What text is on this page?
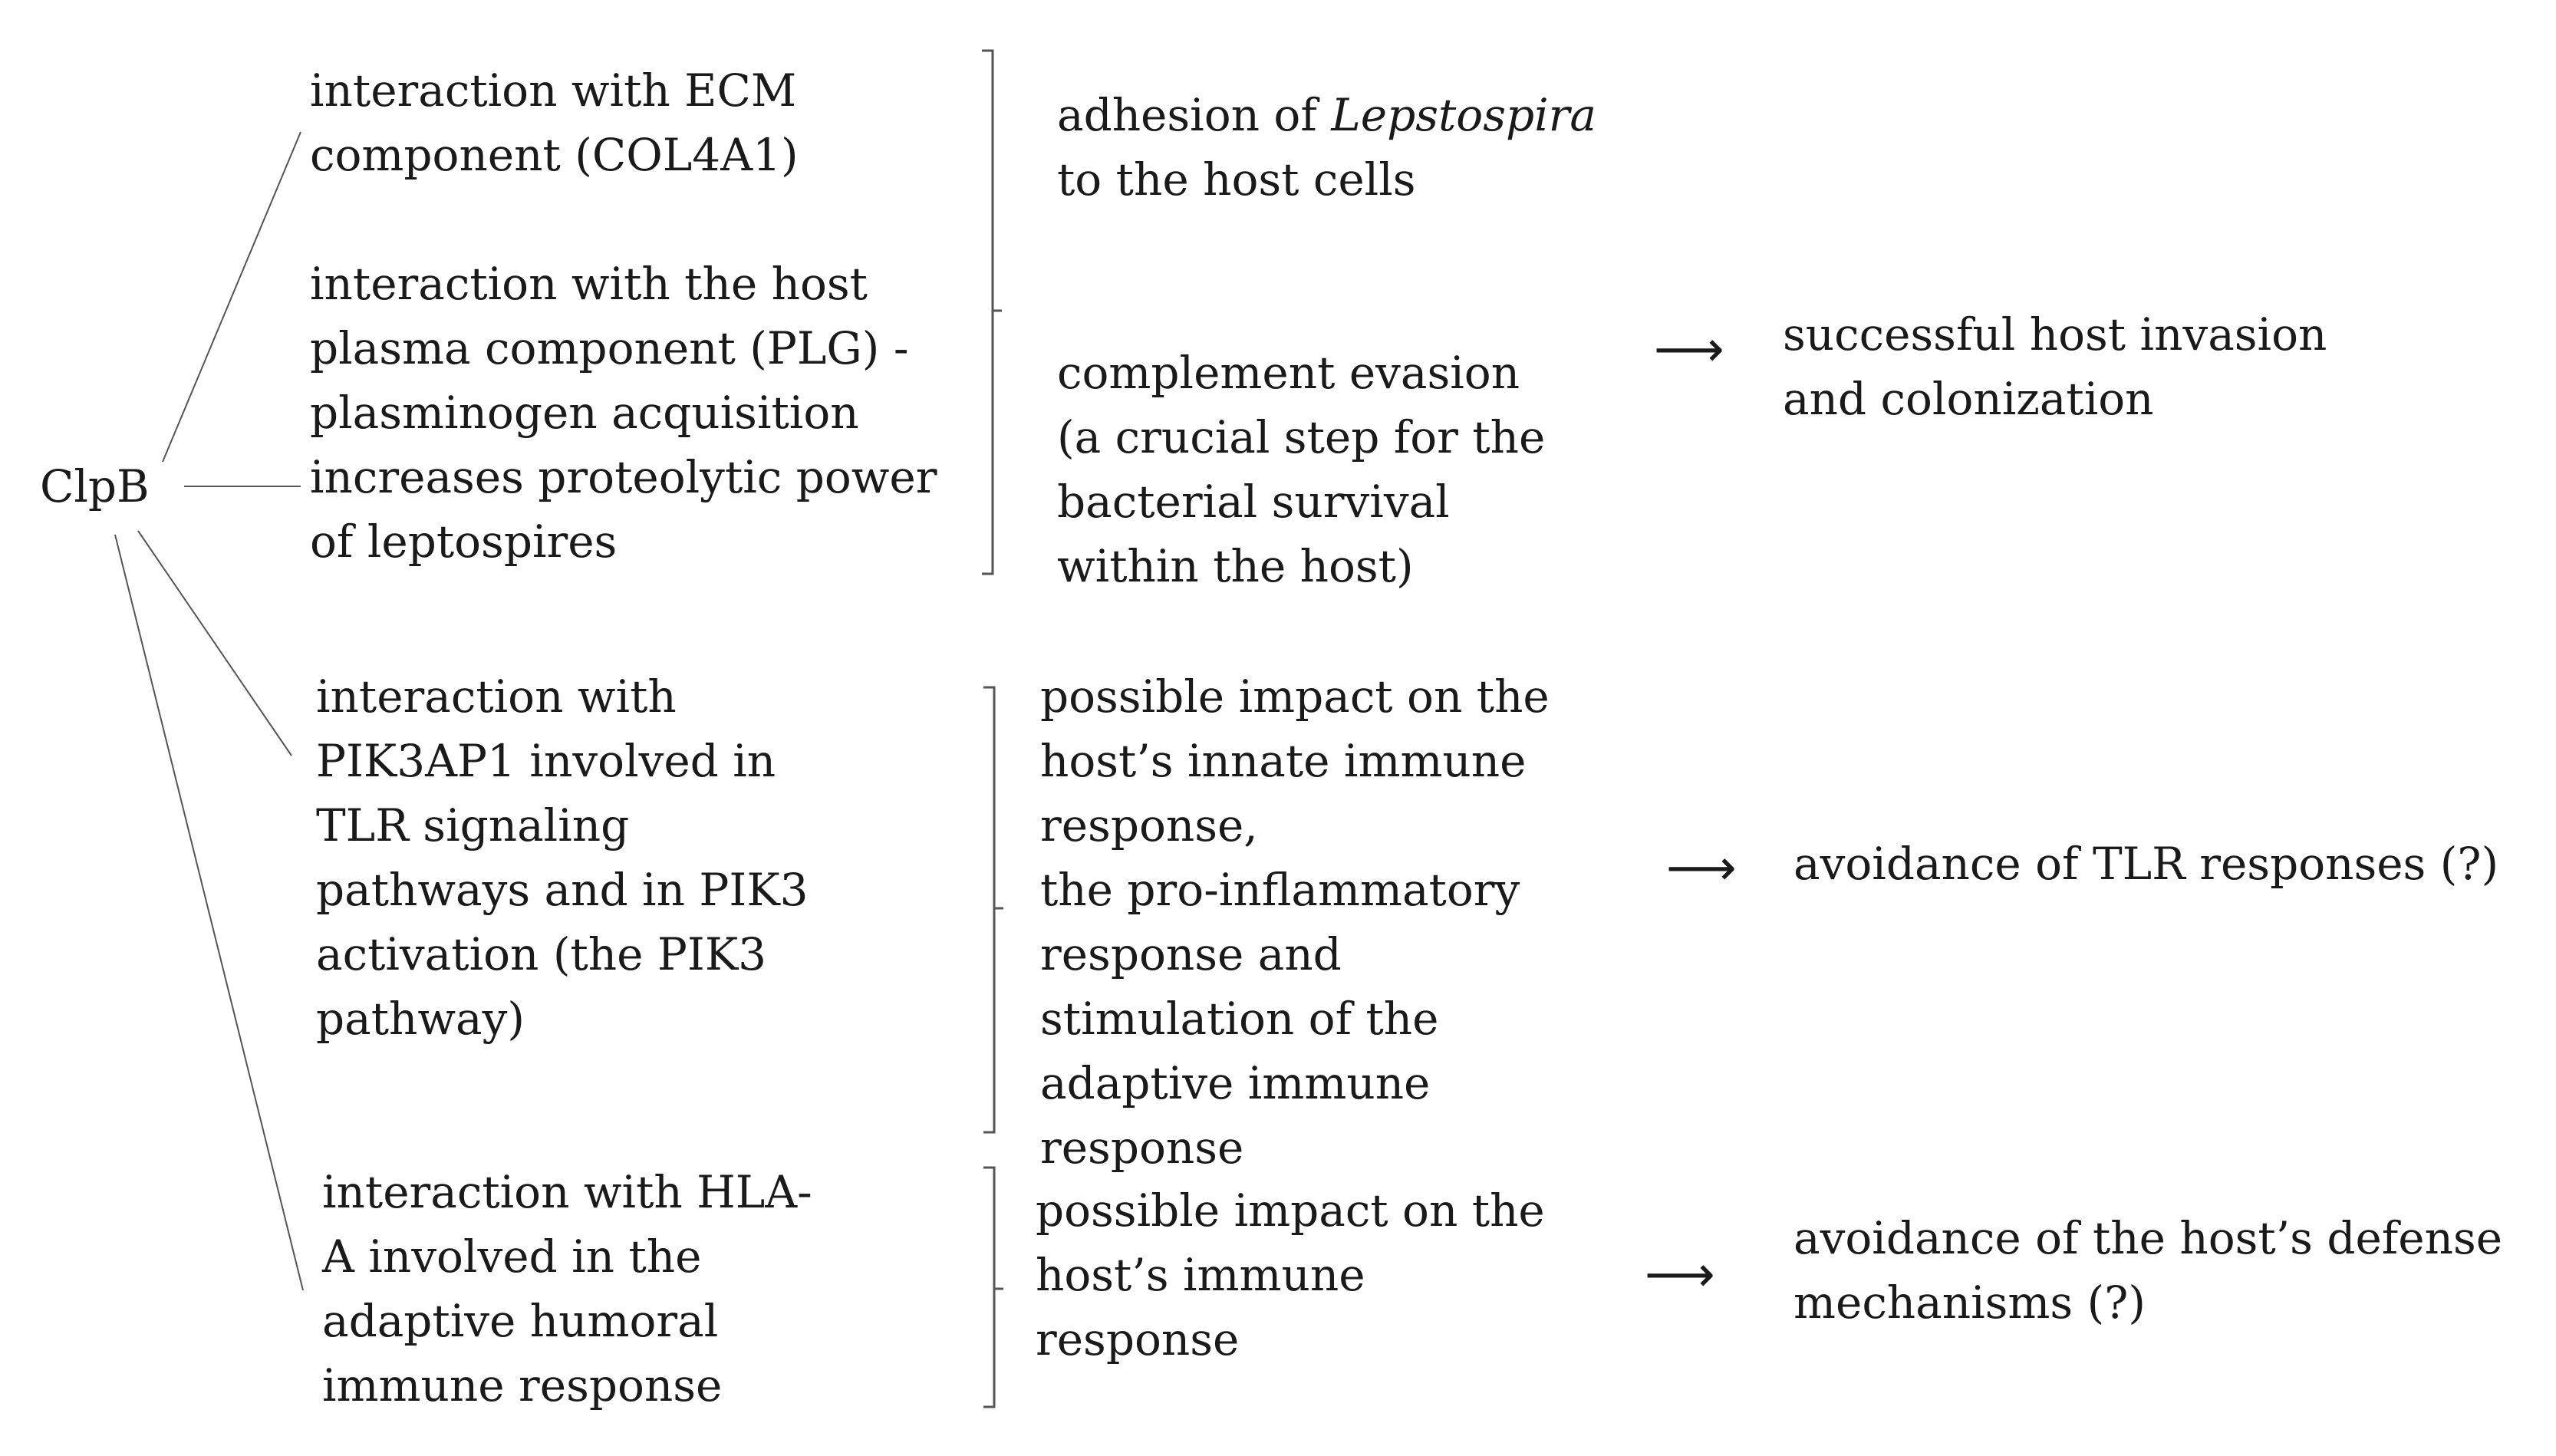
ClpB
interaction with ECM
component (COL4A1)
interaction with the host
plasma component (PLG) -
plasminogen acquisition
increases proteolytic power
of leptospires
interaction with
PIK3AP1 involved in
TLR signaling
pathways and in PIK3
activation (the PIK3
pathway)
interaction with HLA-
A involved in the
adaptive humoral
immune response
adhesion of Lepstospira
to the host cells
complement evasion
(a crucial step for the
bacterial survival
within the host)
possible impact on the
host’s innate immune
response,
the pro-inflammatory
response and
stimulation of the
adaptive immune
response
possible impact on the
host’s immune
response
⟶
⟶
⟶
successful host invasion
and colonization
avoidance of TLR responses (?)
avoidance of the host’s defense
mechanisms (?)
